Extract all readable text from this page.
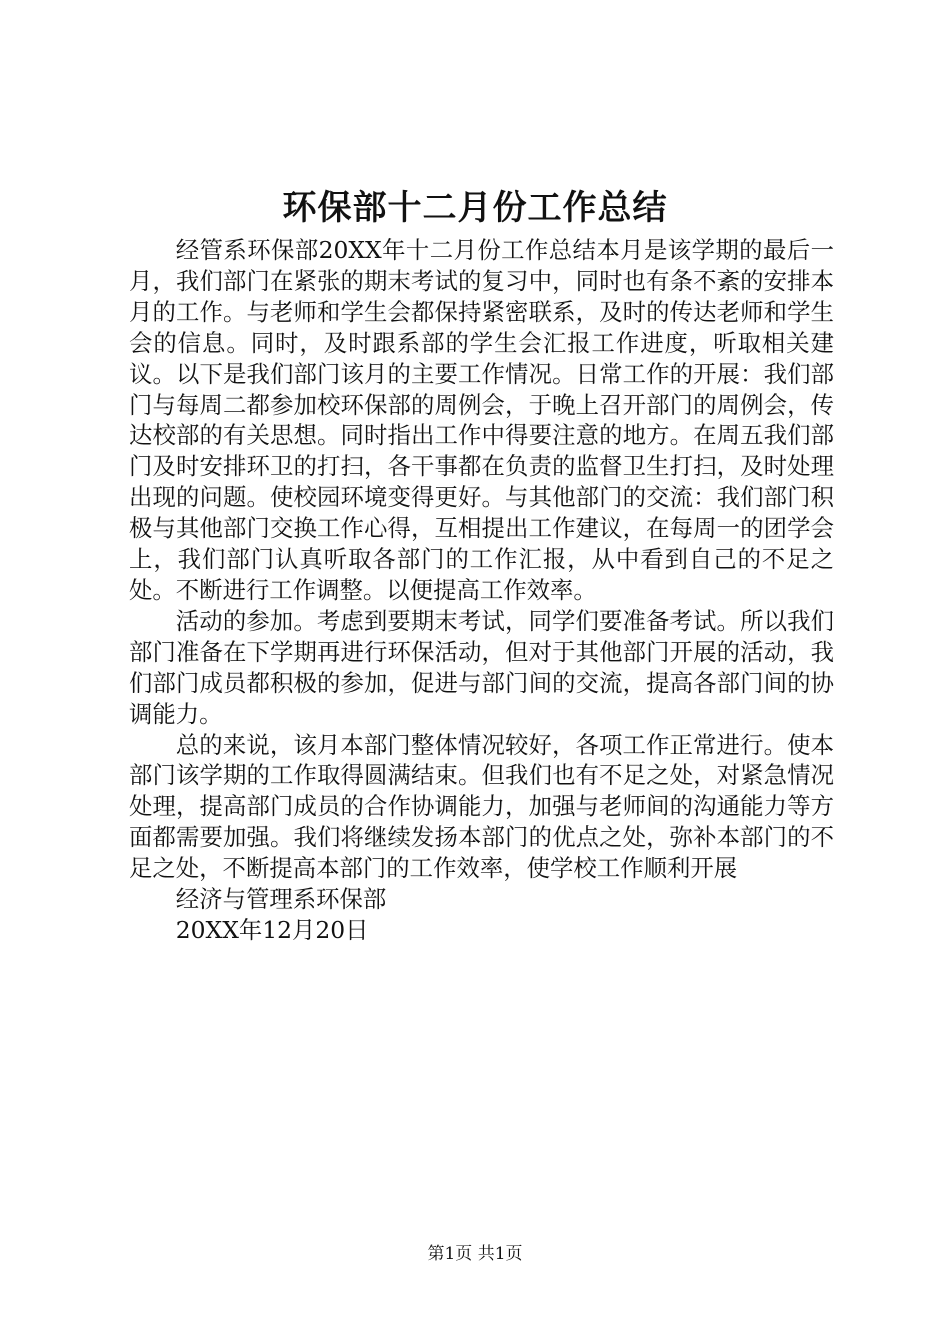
环保部十二月份工作总结

经管系环保部20XX年十二月份工作总结本月是该学期的最后一月，我们部门在紧张的期末考试的复习中，同时也有条不紊的安排本月的工作。与老师和学生会都保持紧密联系，及时的传达老师和学生会的信息。同时，及时跟系部的学生会汇报工作进度，听取相关建议。以下是我们部门该月的主要工作情况。日常工作的开展：我们部门与每周二都参加校环保部的周例会，于晚上召开部门的周例会，传达校部的有关思想。同时指出工作中得要注意的地方。在周五我们部门及时安排环卫的打扫，各干事都在负责的监督卫生打扫，及时处理出现的问题。使校园环境变得更好。与其他部门的交流：我们部门积极与其他部门交换工作心得，互相提出工作建议，在每周一的团学会上，我们部门认真听取各部门的工作汇报，从中看到自己的不足之处。不断进行工作调整。以便提高工作效率。

活动的参加。考虑到要期末考试，同学们要准备考试。所以我们部门准备在下学期再进行环保活动，但对于其他部门开展的活动，我们部门成员都积极的参加，促进与部门间的交流，提高各部门间的协调能力。

总的来说，该月本部门整体情况较好，各项工作正常进行。使本部门该学期的工作取得圆满结束。但我们也有不足之处，对紧急情况处理，提高部门成员的合作协调能力，加强与老师间的沟通能力等方面都需要加强。我们将继续发扬本部门的优点之处，弥补本部门的不足之处，不断提高本部门的工作效率，使学校工作顺利开展

经济与管理系环保部

20XX年12月20日

第1页 共1页
